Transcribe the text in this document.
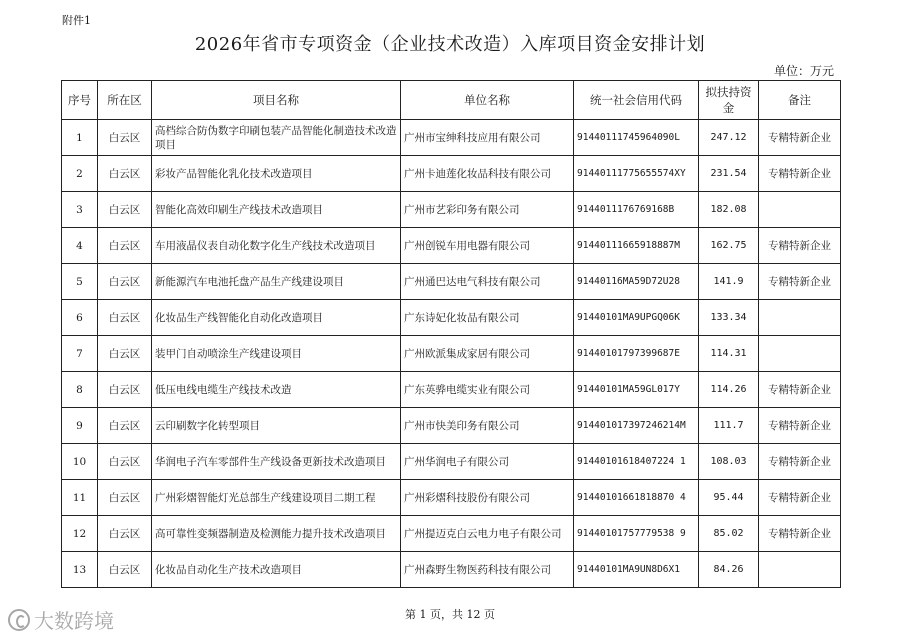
附件1
2026年省市专项资金（企业技术改造）入库项目资金安排计划
单位：万元
序号	所在区	项目名称	单位名称	统一社会信用代码	拟扶持资金	备注
1	白云区	高档综合防伪数字印刷包装产品智能化制造技术改造项目	广州市宝绅科技应用有限公司	91440111745964090L	247.12	专精特新企业
2	白云区	彩妆产品智能化乳化技术改造项目	广州卡迪莲化妆品科技有限公司	91440111775655574XY	231.54	专精特新企业
3	白云区	智能化高效印刷生产线技术改造项目	广州市艺彩印务有限公司	9144011176769168B	182.08	
4	白云区	车用液晶仪表自动化数字化生产线技术改造项目	广州创锐车用电器有限公司	91440111665918887M	162.75	专精特新企业
5	白云区	新能源汽车电池托盘产品生产线建设项目	广州通巴达电气科技有限公司	91440116MA59D72U28	141.9	专精特新企业
6	白云区	化妆品生产线智能化自动化改造项目	广东诗妃化妆品有限公司	91440101MA9UPGQ06K	133.34	
7	白云区	装甲门自动喷涂生产线建设项目	广州欧派集成家居有限公司	91440101797399687E	114.31	
8	白云区	低压电线电缆生产线技术改造	广东英骅电缆实业有限公司	91440101MA59GL017Y	114.26	专精特新企业
9	白云区	云印刷数字化转型项目	广州市快美印务有限公司	914401017397246214M	111.7	专精特新企业
10	白云区	华润电子汽车零部件生产线设备更新技术改造项目	广州华润电子有限公司	91440101618407224 1	108.03	专精特新企业
11	白云区	广州彩熠智能灯光总部生产线建设项目二期工程	广州彩熠科技股份有限公司	91440101661818870 4	95.44	专精特新企业
12	白云区	高可靠性变频器制造及检测能力提升技术改造项目	广州提迈克白云电力电子有限公司	91440101757779538 9	85.02	专精特新企业
13	白云区	化妆品自动化生产技术改造项目	广州森野生物医药科技有限公司	91440101MA9UN8D6X1	84.26	
第 1 页，共 12 页
大数跨境
